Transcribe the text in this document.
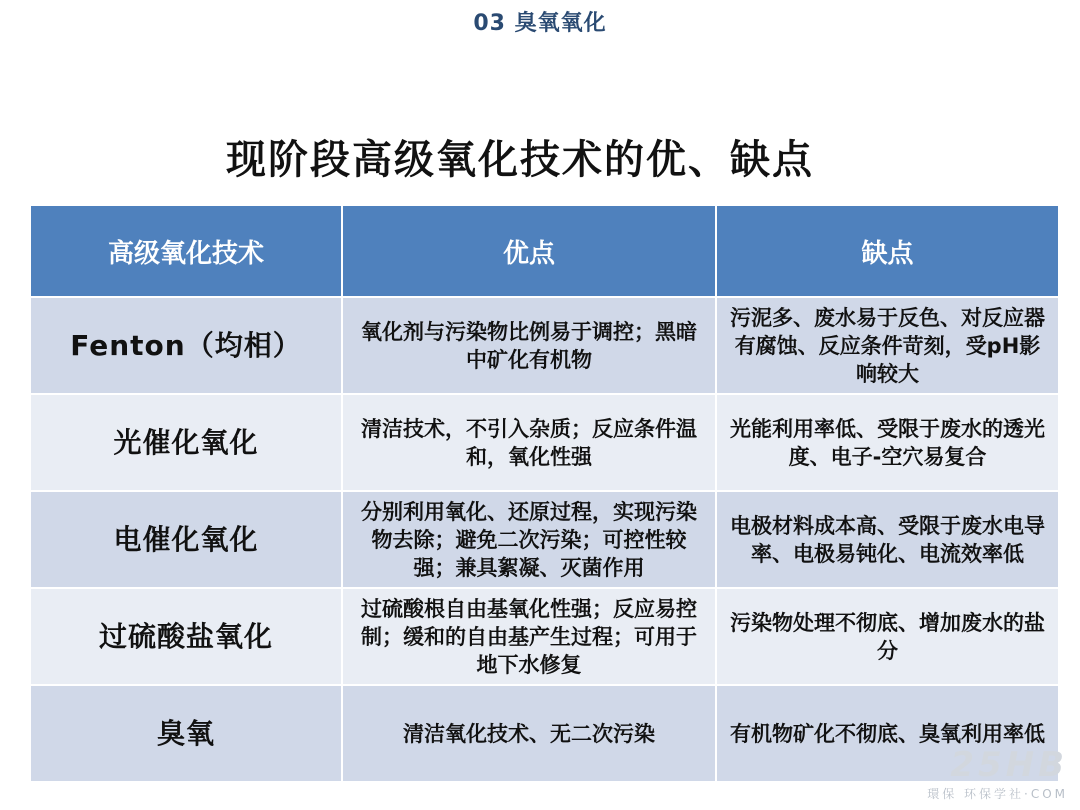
03 臭氧氧化
现阶段高级氧化技术的优、缺点
高级氧化技术	优点	缺点
Fenton（均相）	氧化剂与污染物比例易于调控；黑暗中矿化有机物	污泥多、废水易于反色、对反应器有腐蚀、反应条件苛刻，受pH影响较大
光催化氧化	清洁技术，不引入杂质；反应条件温和，氧化性强	光能利用率低、受限于废水的透光度、电子-空穴易复合
电催化氧化	分别利用氧化、还原过程，实现污染物去除；避免二次污染；可控性较强；兼具絮凝、灭菌作用	电极材料成本高、受限于废水电导率、电极易钝化、电流效率低
过硫酸盐氧化	过硫酸根自由基氧化性强；反应易控制；缓和的自由基产生过程；可用于地下水修复	污染物处理不彻底、增加废水的盐分
臭氧	清洁氧化技术、无二次污染	有机物矿化不彻底、臭氧利用率低
25HB
環保 环保学社·COM
